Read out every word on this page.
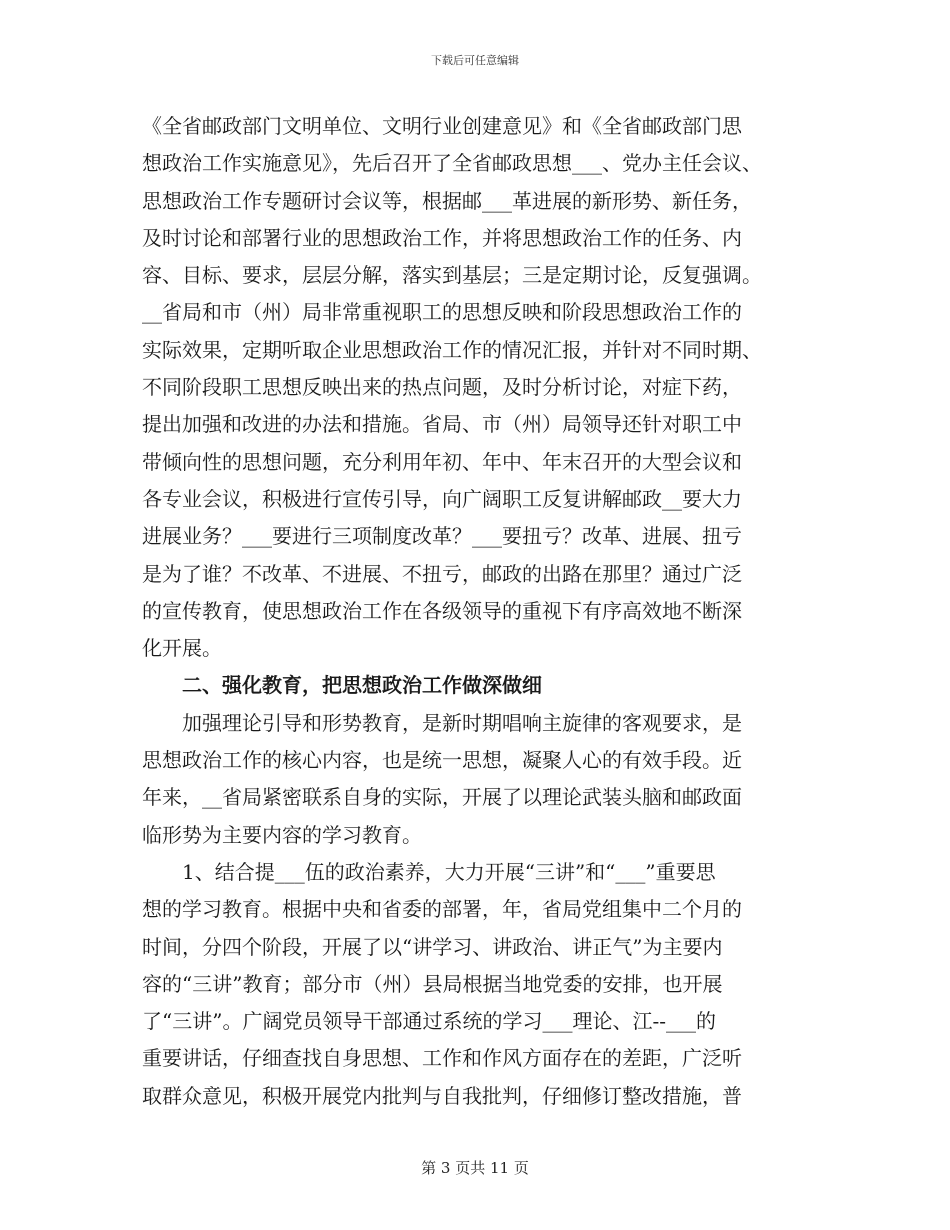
下载后可任意编辑
《全省邮政部门文明单位、文明行业创建意见》和《全省邮政部门思
想政治工作实施意见》，先后召开了全省邮政思想___、党办主任会议、
思想政治工作专题研讨会议等，根据邮___革进展的新形势、新任务，
及时讨论和部署行业的思想政治工作，并将思想政治工作的任务、内
容、目标、要求，层层分解，落实到基层；三是定期讨论，反复强调。
__省局和市（州）局非常重视职工的思想反映和阶段思想政治工作的
实际效果，定期听取企业思想政治工作的情况汇报，并针对不同时期、
不同阶段职工思想反映出来的热点问题，及时分析讨论，对症下药，
提出加强和改进的办法和措施。省局、市（州）局领导还针对职工中
带倾向性的思想问题，充分利用年初、年中、年末召开的大型会议和
各专业会议，积极进行宣传引导，向广阔职工反复讲解邮政__要大力
进展业务？___要进行三项制度改革？___要扭亏？改革、进展、扭亏
是为了谁？不改革、不进展、不扭亏，邮政的出路在那里？通过广泛
的宣传教育，使思想政治工作在各级领导的重视下有序高效地不断深
化开展。
二、强化教育，把思想政治工作做深做细
加强理论引导和形势教育，是新时期唱响主旋律的客观要求，是
思想政治工作的核心内容，也是统一思想，凝聚人心的有效手段。近
年来，__省局紧密联系自身的实际，开展了以理论武装头脑和邮政面
临形势为主要内容的学习教育。
1、结合提___伍的政治素养，大力开展“三讲”和“___”重要思
想的学习教育。根据中央和省委的部署，年，省局党组集中二个月的
时间，分四个阶段，开展了以“讲学习、讲政治、讲正气”为主要内
容的“三讲”教育；部分市（州）县局根据当地党委的安排，也开展
了“三讲”。广阔党员领导干部通过系统的学习___理论、江--___的
重要讲话，仔细查找自身思想、工作和作风方面存在的差距，广泛听
取群众意见，积极开展党内批判与自我批判，仔细修订整改措施，普
第 3 页共 11 页
